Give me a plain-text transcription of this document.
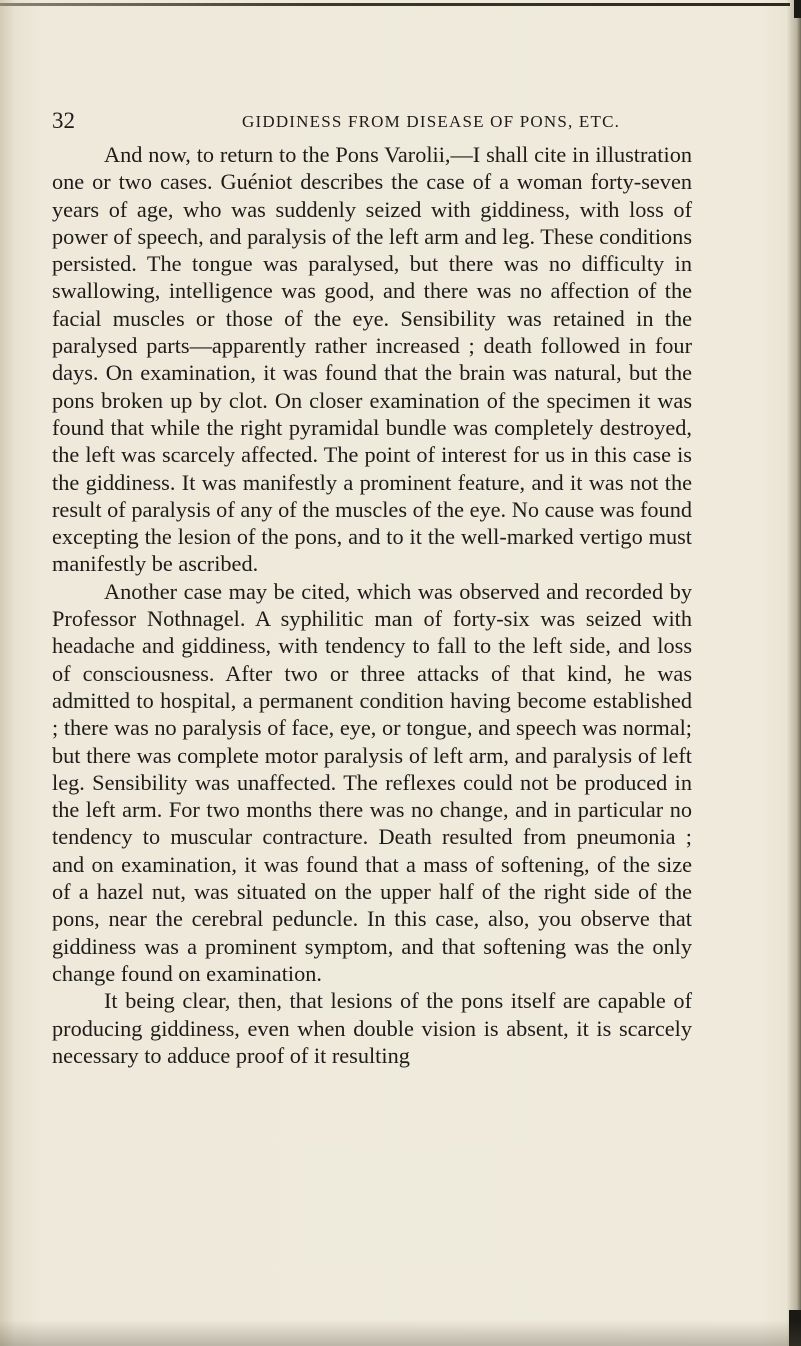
32	GIDDINESS FROM DISEASE OF PONS, ETC.

And now, to return to the Pons Varolii,—I shall cite in illustration one or two cases. Guéniot describes the case of a woman forty-seven years of age, who was suddenly seized with giddiness, with loss of power of speech, and paralysis of the left arm and leg. These conditions persisted. The tongue was paralysed, but there was no difficulty in swallowing, intelligence was good, and there was no affection of the facial muscles or those of the eye. Sensibility was retained in the paralysed parts—apparently rather increased ; death followed in four days. On examination, it was found that the brain was natural, but the pons broken up by clot. On closer examination of the specimen it was found that while the right pyramidal bundle was completely destroyed, the left was scarcely affected. The point of interest for us in this case is the giddiness. It was manifestly a prominent feature, and it was not the result of paralysis of any of the muscles of the eye. No cause was found excepting the lesion of the pons, and to it the well-marked vertigo must manifestly be ascribed.

Another case may be cited, which was observed and recorded by Professor Nothnagel. A syphilitic man of forty-six was seized with headache and giddiness, with tendency to fall to the left side, and loss of consciousness. After two or three attacks of that kind, he was admitted to hospital, a permanent condition having become established ; there was no paralysis of face, eye, or tongue, and speech was normal; but there was complete motor paralysis of left arm, and paralysis of left leg. Sensibility was unaffected. The reflexes could not be produced in the left arm. For two months there was no change, and in particular no tendency to muscular contracture. Death resulted from pneumonia ; and on examination, it was found that a mass of softening, of the size of a hazel nut, was situated on the upper half of the right side of the pons, near the cerebral peduncle. In this case, also, you observe that giddiness was a prominent symptom, and that softening was the only change found on examination.

It being clear, then, that lesions of the pons itself are capable of producing giddiness, even when double vision is absent, it is scarcely necessary to adduce proof of it resulting
